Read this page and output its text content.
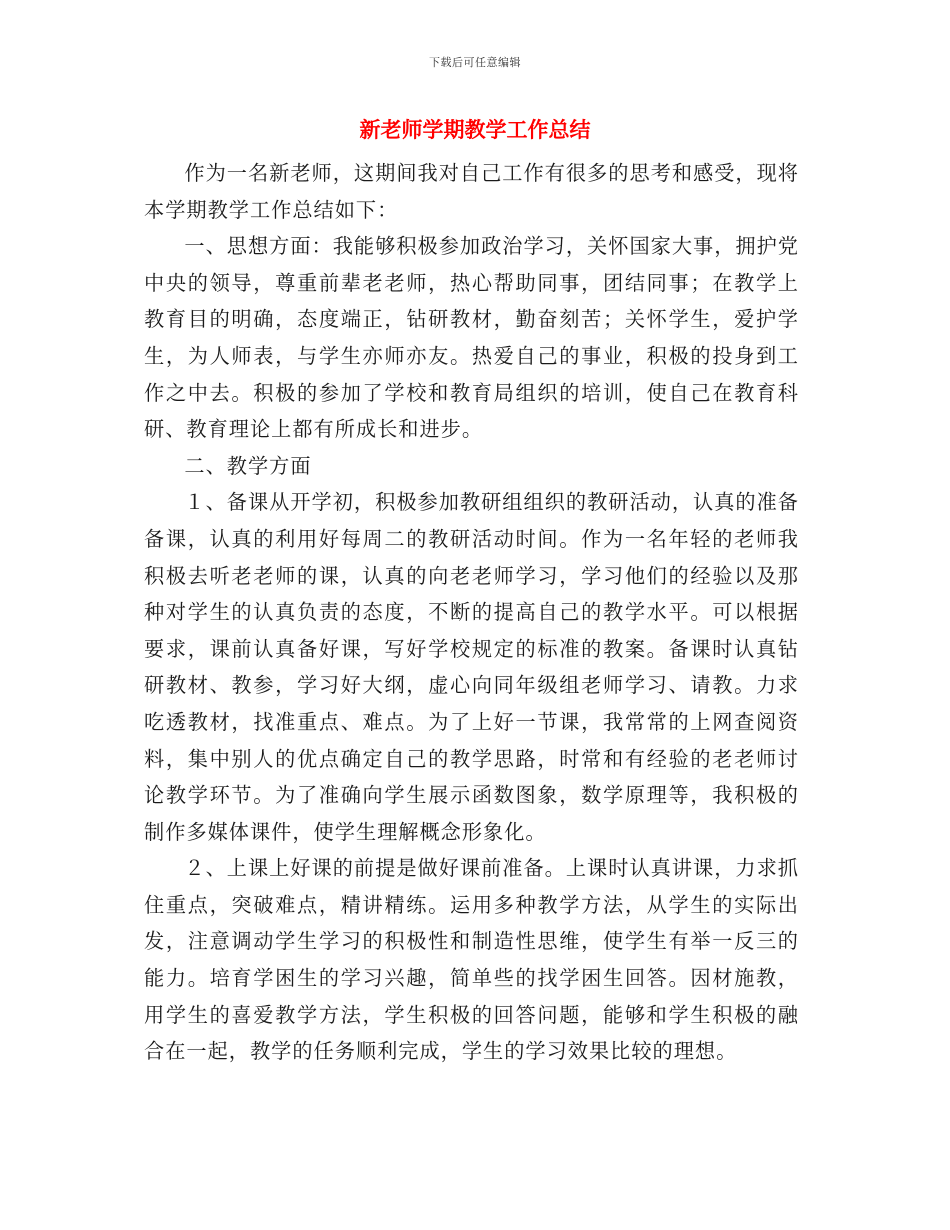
下载后可任意编辑
新老师学期教学工作总结

作为一名新老师，这期间我对自己工作有很多的思考和感受，现将本学期教学工作总结如下：

一、思想方面：我能够积极参加政治学习，关怀国家大事，拥护党中央的领导，尊重前辈老老师，热心帮助同事，团结同事；在教学上教育目的明确，态度端正，钻研教材，勤奋刻苦；关怀学生，爱护学生，为人师表，与学生亦师亦友。热爱自己的事业，积极的投身到工作之中去。积极的参加了学校和教育局组织的培训，使自己在教育科研、教育理论上都有所成长和进步。

二、教学方面

１、备课从开学初，积极参加教研组组织的教研活动，认真的准备备课，认真的利用好每周二的教研活动时间。作为一名年轻的老师我积极去听老老师的课，认真的向老老师学习，学习他们的经验以及那种对学生的认真负责的态度，不断的提高自己的教学水平。可以根据要求，课前认真备好课，写好学校规定的标准的教案。备课时认真钻研教材、教参，学习好大纲，虚心向同年级组老师学习、请教。力求吃透教材，找准重点、难点。为了上好一节课，我常常的上网查阅资料，集中别人的优点确定自己的教学思路，时常和有经验的老老师讨论教学环节。为了准确向学生展示函数图象，数学原理等，我积极的制作多媒体课件，使学生理解概念形象化。

２、上课上好课的前提是做好课前准备。上课时认真讲课，力求抓住重点，突破难点，精讲精练。运用多种教学方法，从学生的实际出发，注意调动学生学习的积极性和制造性思维，使学生有举一反三的能力。培育学困生的学习兴趣，简单些的找学困生回答。因材施教，用学生的喜爱教学方法，学生积极的回答问题，能够和学生积极的融合在一起，教学的任务顺利完成，学生的学习效果比较的理想。
